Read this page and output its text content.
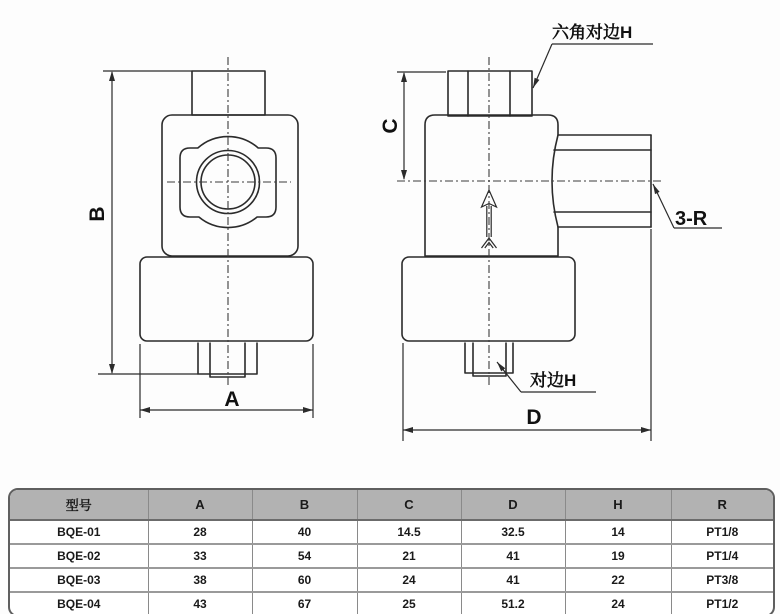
B
A
C
D
六角对边H
3-R
对边H
型号	A	B	C	D	H	R
BQE-01	28	40	14.5	32.5	14	PT1/8
BQE-02	33	54	21	41	19	PT1/4
BQE-03	38	60	24	41	22	PT3/8
BQE-04	43	67	25	51.2	24	PT1/2
